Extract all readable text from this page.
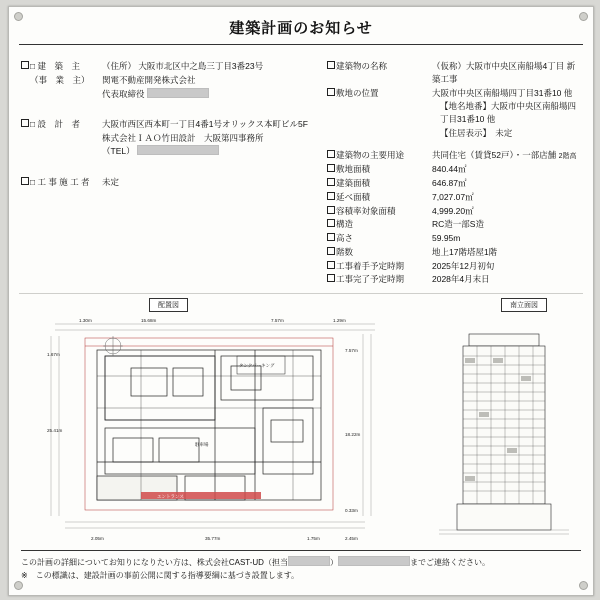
建築計画のお知らせ
□ 建　築　主	（住所） 大阪市北区中之島三丁目3番23号
（事　業　主）	関電不動産開発株式会社
代表取締役
□ 設　計　者	大阪市西区西本町一丁目4番1号オリックス本町ビル5F
株式会社ＩＡＯ竹田設計　大阪第四事務所
（TEL）
□ 工 事 施 工 者	未定
建築物の名称	（仮称）大阪市中央区南船場4丁目 新築工事
敷地の位置	大阪市中央区南船場四丁目31番10 他
【地名地番】大阪市中央区南船場四丁目31番10 他
【住居表示】　未定
建築物の主要用途	共同住宅（賃貸52戸）・一部店舗 2階高
敷地面積	840.44㎡
建築面積	646.87㎡
延べ面積	7,027.07㎡
容積率対象面積	4,999.20㎡
構造	RC造一部S造
高さ	59.95m
階数	地上17階塔屋1階
工事着手予定時期	2025年12月初旬
工事完了予定時期	2028年4月末日
配置図	南立面図
タンクパーキング
駐車場
エントランス
1.30m	15.68m	7.57m	1.29m
7.57m
18.22m
0.33m
1.67m
25.41m
2.05m	35.77m	1.75m	2.45m
この計画の詳細についてお知りになりたい方は、株式会社CAST-UD（担当	）	までご連絡ください。
※　この標識は、建設計画の事前公開に関する指導要綱に基づき設置します。
